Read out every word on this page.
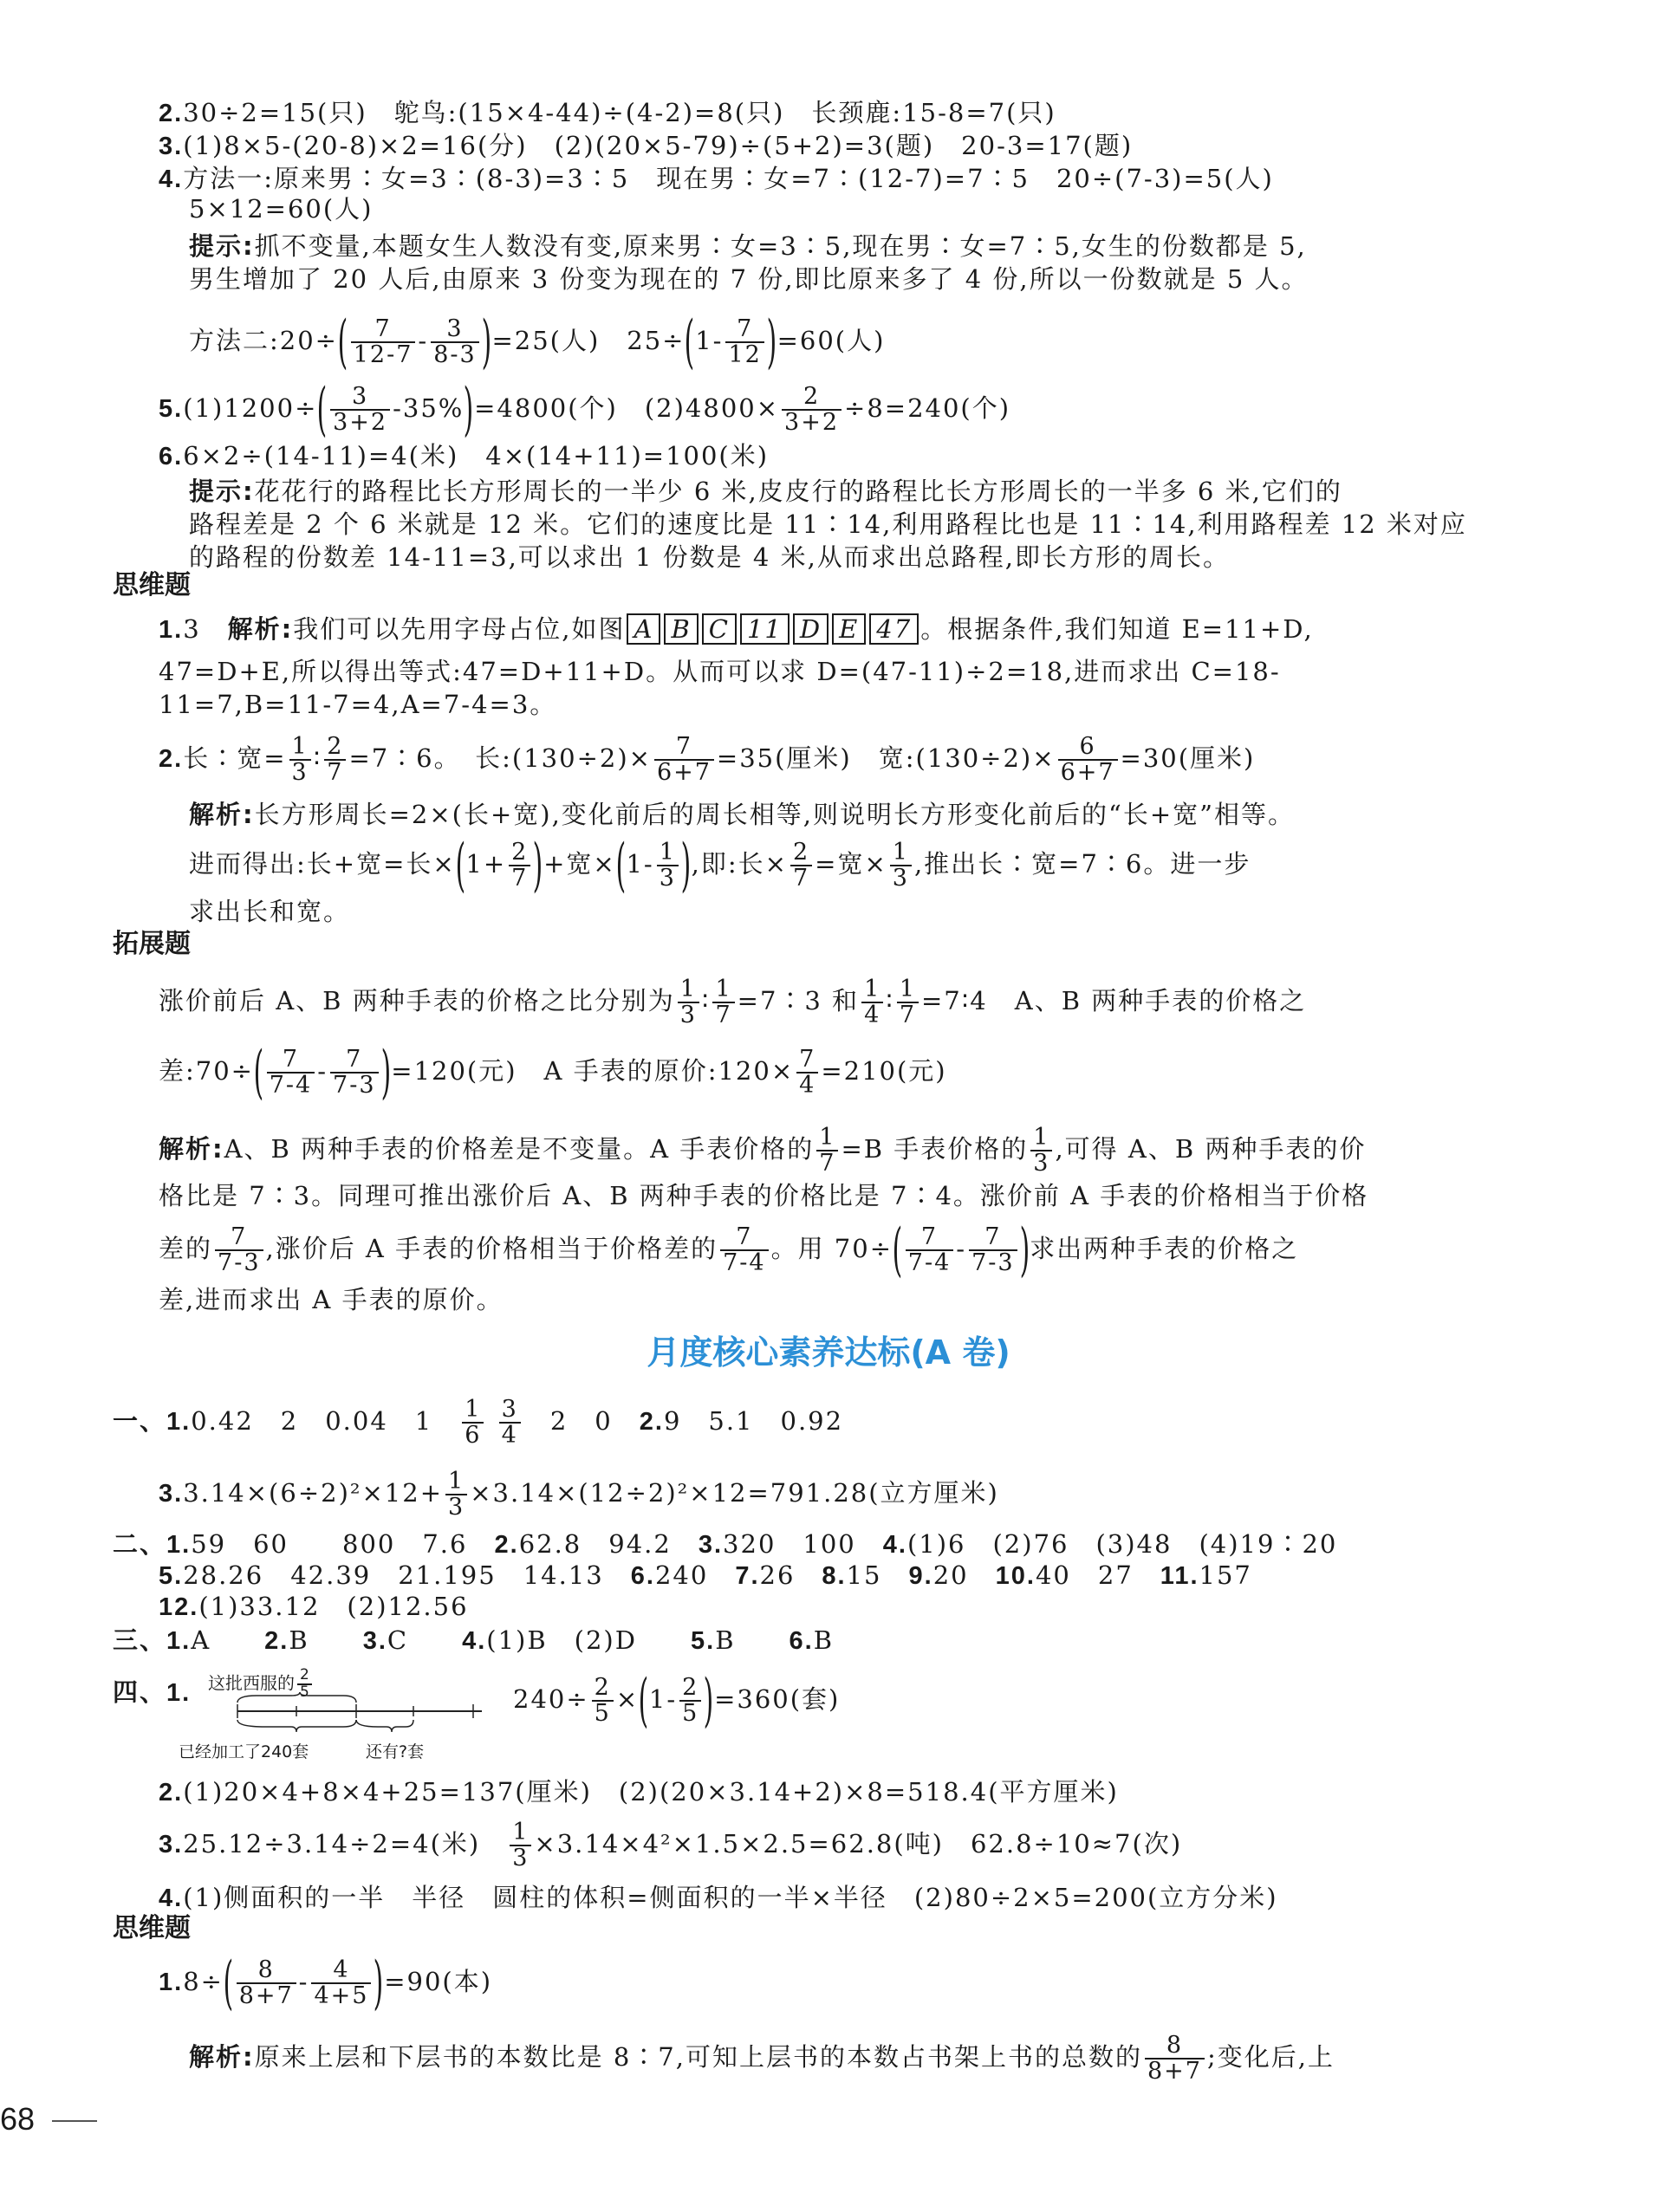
2.30÷2=15(只)　鸵鸟:(15×4-44)÷(4-2)=8(只)　长颈鹿:15-8=7(只)
3.(1)8×5-(20-8)×2=16(分)　(2)(20×5-79)÷(5+2)=3(题)　20-3=17(题)
4.方法一:原来男∶女=3∶(8-3)=3∶5　现在男∶女=7∶(12-7)=7∶5　20÷(7-3)=5(人)
5×12=60(人)
提示:抓不变量,本题女生人数没有变,原来男∶女=3∶5,现在男∶女=7∶5,女生的份数都是 5,
男生增加了 20 人后,由原来 3 份变为现在的 7 份,即比原来多了 4 份,所以一份数就是 5 人。
方法二:20÷( $\frac{7}{12-7} - \frac{3}{8-3} )=25$(人)　$25\div(1- \frac{7}{12} )=60$(人)
$5.(1)1200\div( \frac{3}{3+2} -35\%)=4800$(个)　$(2)4800\times \frac{2}{3+2} \div 8=240$(个)
6.6×2÷(14-11)=4(米)　4×(14+11)=100(米)
提示:花花行的路程比长方形周长的一半少 6 米,皮皮行的路程比长方形周长的一半多 6 米,它们的
路程差是 2 个 6 米就是 12 米。它们的速度比是 11∶14,利用路程比也是 11∶14,利用路程差 12 米对应
的路程的份数差 14-11=3,可以求出 1 份数是 4 米,从而求出总路程,即长方形的周长。
思维题
1.3　解析:我们可以先用字母占位,如图 A B C 11 D E 47 。根据条件,我们知道 E=11+D,
47=D+E,所以得出等式:47=D+11+D。从而可以求 D=(47-11)÷2=18,进而求出 C=18-
11=7,B=11-7=4,A=7-4=3。
2.长∶宽= $\frac{1}{3}$ ∶ $\frac{2}{7}$ =7∶6。　长:(130÷2)× $\frac{7}{6+7} =35$(厘米)　宽:(130÷2)× $\frac{6}{6+7} =30$(厘米)
解析:长方形周长=2×(长+宽),变化前后的周长相等,则说明长方形变化前后的“长+宽”相等。
进而得出:长+宽=长$\times(1+ \frac{2}{7}$ )+宽$\times(1- \frac{1}{3}$ ),即:长× $\frac{2}{7}$ =宽× $\frac{1}{3}$ ,推出长∶宽=7∶6。进一步
求出长和宽。
拓展题
涨价前后 A、B 两种手表的价格之比分别为 $\frac{1}{3}$ ∶ $\frac{1}{7}$ =7∶3 和 $\frac{1}{4}$ ∶ $\frac{1}{7}$ =7∶4　A、B 两种手表的价格之
差:70÷( $\frac{7}{7-4} - \frac{7}{7-3} )=120$(元)　A 手表的原价:120× $\frac{7}{4} =210$(元)
解析:A、B 两种手表的价格差是不变量。A 手表价格的 $\frac{1}{7} =B$ 手表价格的 $\frac{1}{3}$ ,可得 A、B 两种手表的价
格比是 7∶3。同理可推出涨价后 A、B 两种手表的价格比是 7∶4。涨价前 A 手表的价格相当于价格
差的 $\frac{7}{7-3}$ ,涨价后 A 手表的价格相当于价格差的 $\frac{7}{7-4}$ 。用 $70\div( \frac{7}{7-4} - \frac{7}{7-3}$ )求出两种手表的价格之
差,进而求出 A 手表的原价。
月度核心素养达标(A 卷)
一、1.0.42　2　0.04　1　 $\frac{1}{6}$
$\frac{3}{4}$ 　2　0　2.9　5.1　0.92
$3.3.14\times(6\div 2)^2\times 12+ \frac{1}{3} \times 3.14\times(12\div 2)^2\times 12=791.28$(立方厘米)
二、1.59　60　　800　7.6　 2.62.8　94.2　 3.320　100　 4.(1)6　(2)76　(3)48　(4)19∶20
5.28.26　42.39　21.195　14.13　 6.240　 7.26　 8.15　 9.20　 10.40　27　 11.157
12.(1)33.12　(2)12.56
三、1.A　　 2.B　　 3.C　　 4.(1)B　(2)D　　 5.B　　 6.B
四、1. 这批西服的 $\frac{2}{5}$
已经加工了240套	还有?套
$240\div \frac{2}{5} \times(1- \frac{2}{5} )=360$(套)
2.(1)20×4+8×4+25=137(厘米)　(2)(20×3.14+2)×8=518.4(平方厘米)
3.25.12÷3.14÷2=4(米)　 $\frac{1}{3} \times 3.14\times 4^2\times 1.5\times 2.5=62.8$(吨)　62.8÷10≈7(次)
4.(1)侧面积的一半　半径　圆柱的体积=侧面积的一半×半径　(2)80÷2×5=200(立方分米)
思维题
$1.8\div( \frac{8}{8+7} - \frac{4}{4+5} )=90$(本)
解析:原来上层和下层书的本数比是 8∶7,可知上层书的本数占书架上书的总数的 $\frac{8}{8+7}$ ;变化后,上
68
